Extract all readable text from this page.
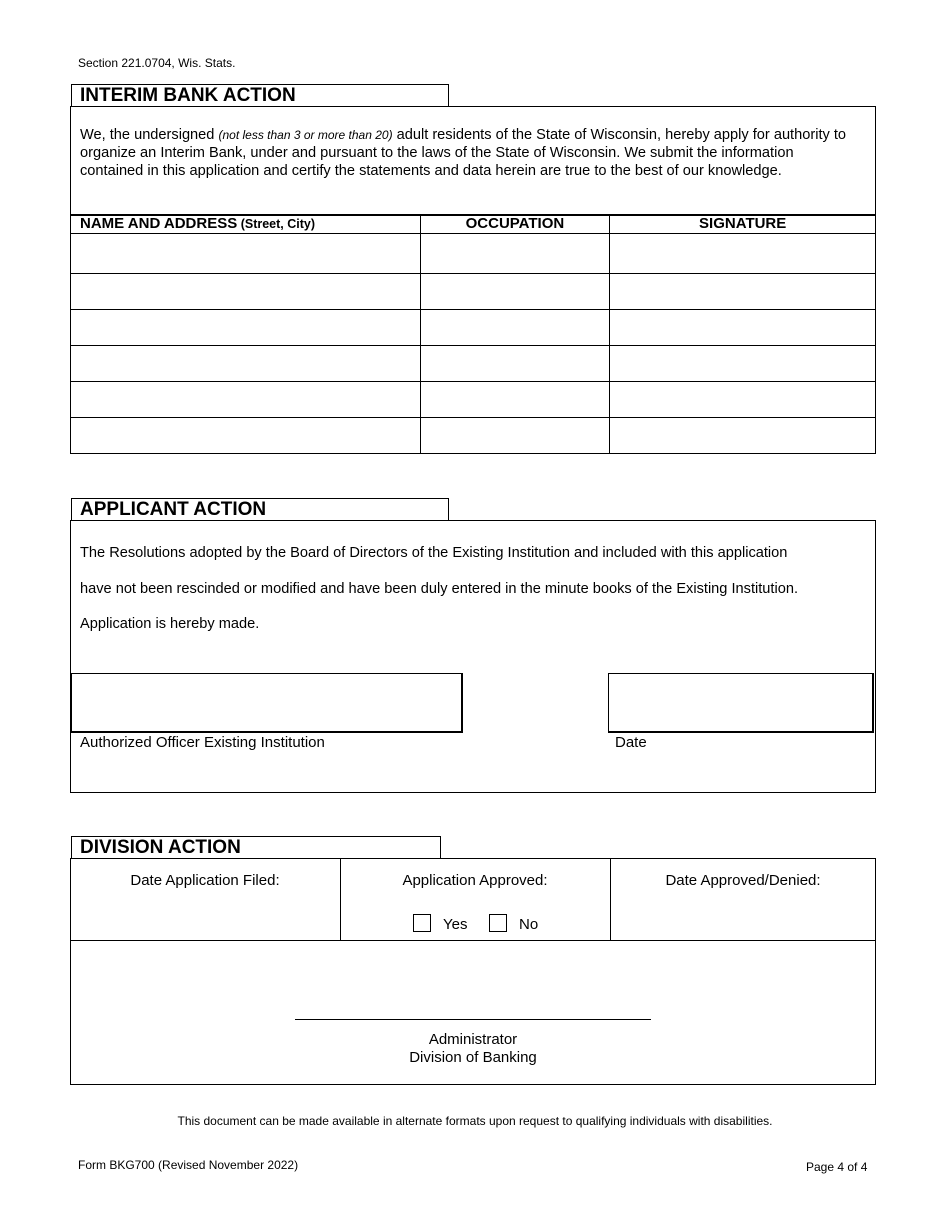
Section 221.0704, Wis. Stats.
INTERIM BANK ACTION
We, the undersigned (not less than 3 or more than 20) adult residents of the State of Wisconsin, hereby apply for authority to organize an Interim Bank, under and pursuant to the laws of the State of Wisconsin. We submit the information contained in this application and certify the statements and data herein are true to the best of our knowledge.
NAME AND ADDRESS (Street, City)	OCCUPATION	SIGNATURE

APPLICANT ACTION
The Resolutions adopted by the Board of Directors of the Existing Institution and included with this application
have not been rescinded or modified and have been duly entered in the minute books of the Existing Institution.
Application is hereby made.
Authorized Officer Existing Institution	Date
DIVISION ACTION
Date Application Filed:	Application Approved:	Date Approved/Denied:
Yes	No
Administrator
Division of Banking
This document can be made available in alternate formats upon request to qualifying individuals with disabilities.
Form BKG700 (Revised November 2022)	Page 4 of 4
